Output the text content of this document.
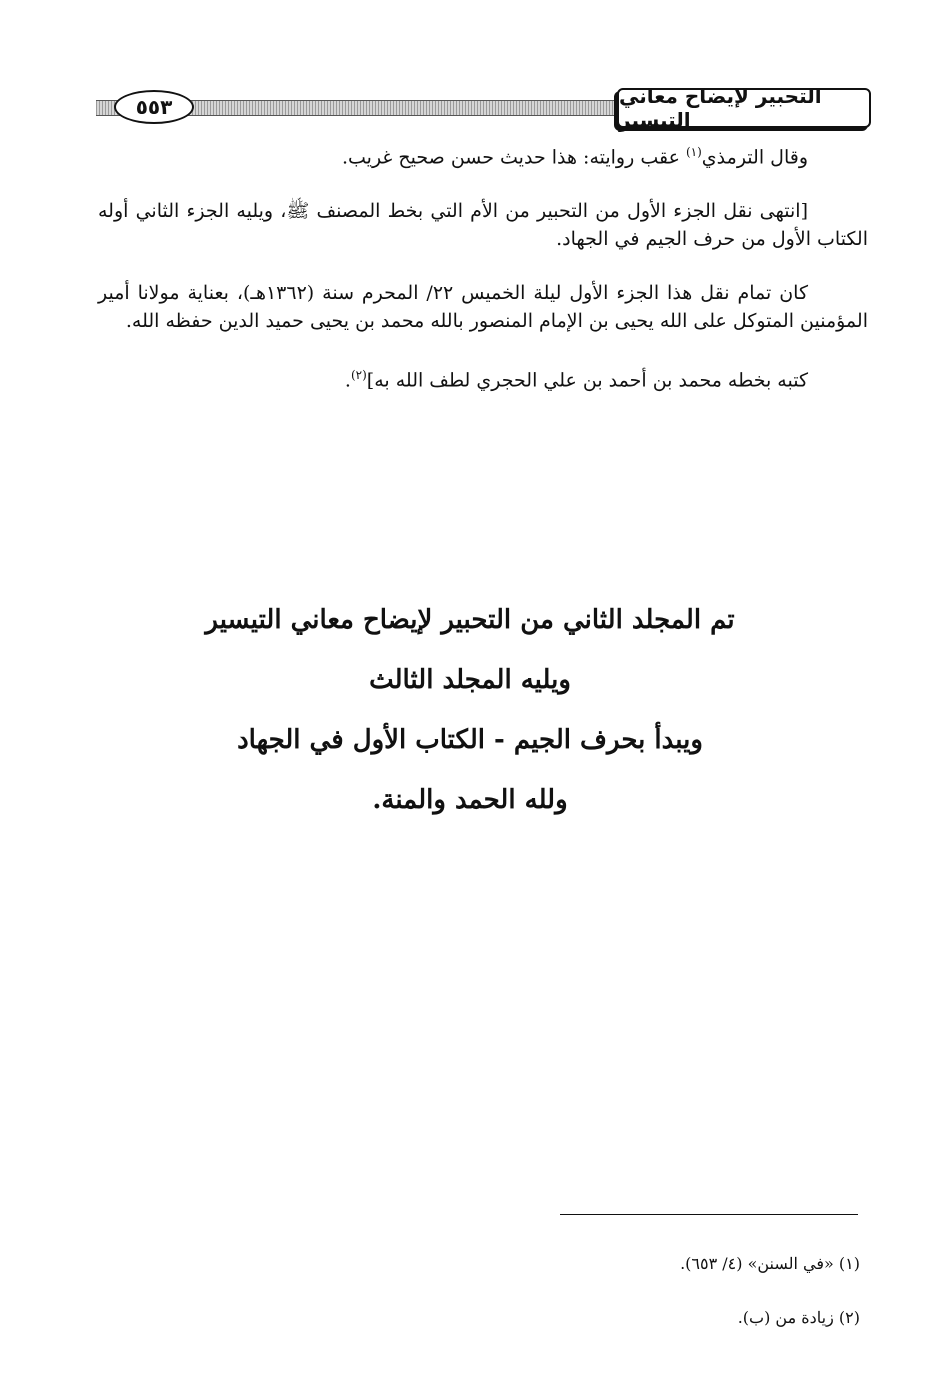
٥٥٣	التحبير لإيضاح معاني التيسير

وقال الترمذي$^{(١)}$ عقب روايته: هذا حديث حسن صحيح غريب.

[انتهى نقل الجزء الأول من التحبير من الأم التي بخط المصنف ﷺ، ويليه الجزء الثاني أوله الكتاب الأول من حرف الجيم في الجهاد.

كان تمام نقل هذا الجزء الأول ليلة الخميس ٢٢/ المحرم سنة (١٣٦٢هـ)، بعناية مولانا أمير المؤمنين المتوكل على الله يحيى بن الإمام المنصور بالله محمد بن يحيى حميد الدين حفظه الله.

كتبه بخطه محمد بن أحمد بن علي الحجري لطف الله به]$^{(٢)}$.

تم المجلد الثاني من التحبير لإيضاح معاني التيسير
ويليه المجلد الثالث
ويبدأ بحرف الجيم - الكتاب الأول في الجهاد
ولله الحمد والمنة.
(١) «في السنن» (٤/ ٦٥٣).
(٢) زيادة من (ب).
